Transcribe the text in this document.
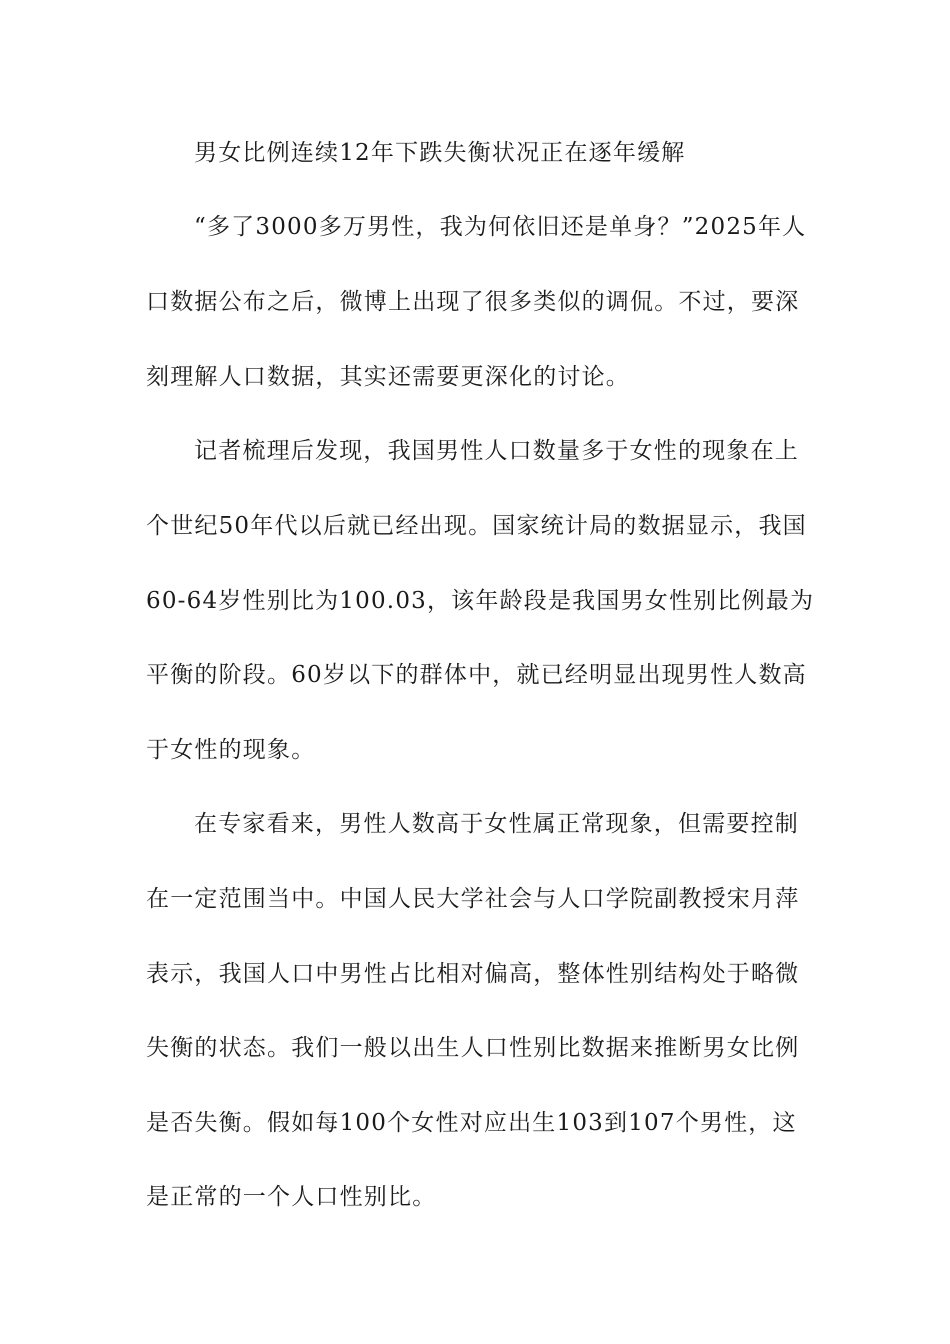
男女比例连续12年下跌失衡状况正在逐年缓解
“多了3000多万男性，我为何依旧还是单身？”2025年人
口数据公布之后，微博上出现了很多类似的调侃。不过，要深
刻理解人口数据，其实还需要更深化的讨论。
记者梳理后发现，我国男性人口数量多于女性的现象在上
个世纪50年代以后就已经出现。国家统计局的数据显示，我国
60-64岁性别比为100.03，该年龄段是我国男女性别比例最为
平衡的阶段。60岁以下的群体中，就已经明显出现男性人数高
于女性的现象。
在专家看来，男性人数高于女性属正常现象，但需要控制
在一定范围当中。中国人民大学社会与人口学院副教授宋月萍
表示，我国人口中男性占比相对偏高，整体性别结构处于略微
失衡的状态。我们一般以出生人口性别比数据来推断男女比例
是否失衡。假如每100个女性对应出生103到107个男性，这
是正常的一个人口性别比。
